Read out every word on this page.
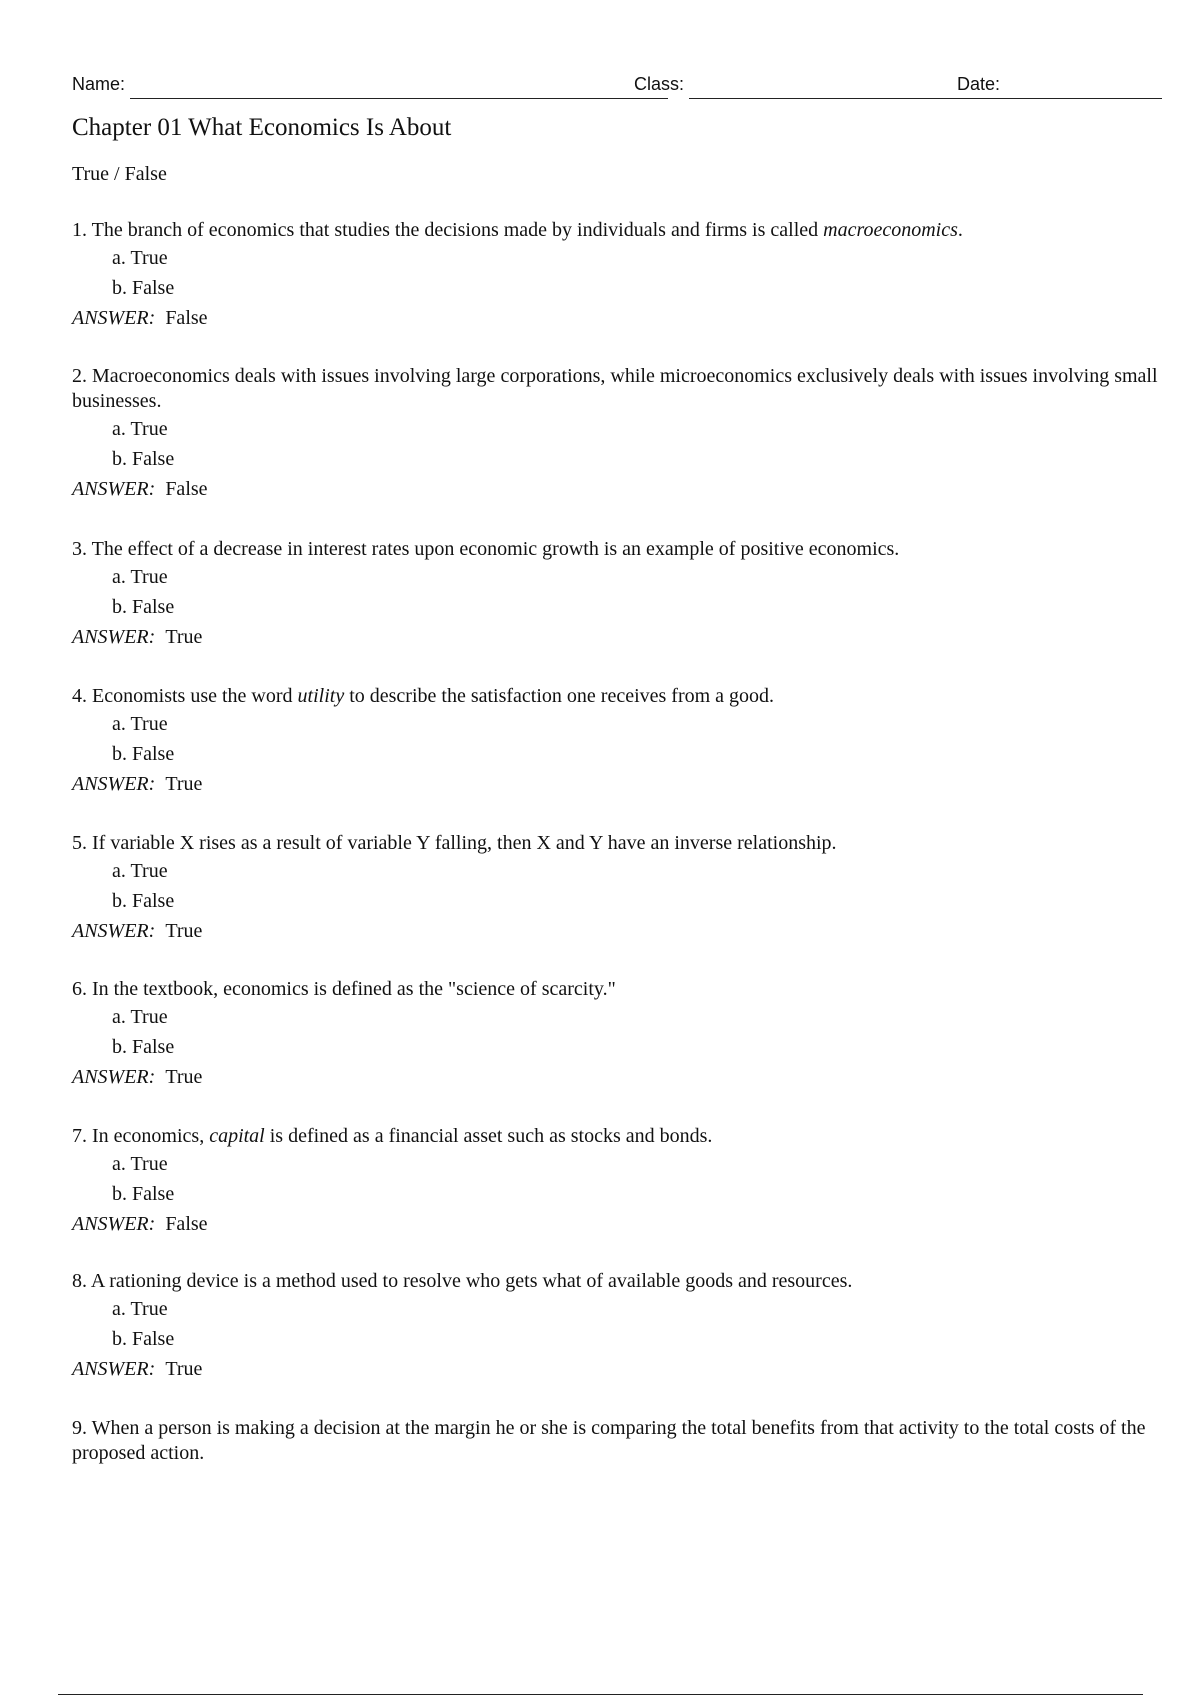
Name:	Class:	Date:
Chapter 01 What Economics Is About
True / False

1. The branch of economics that studies the decisions made by individuals and firms is called macroeconomics.

a. True
b. False
ANSWER: False

2. Macroeconomics deals with issues involving large corporations, while microeconomics exclusively deals with issues involving small businesses.

a. True
b. False
ANSWER: False

3. The effect of a decrease in interest rates upon economic growth is an example of positive economics.

a. True
b. False
ANSWER: True

4. Economists use the word utility to describe the satisfaction one receives from a good.

a. True
b. False
ANSWER: True

5. If variable X rises as a result of variable Y falling, then X and Y have an inverse relationship.

a. True
b. False
ANSWER: True

6. In the textbook, economics is defined as the "science of scarcity."

a. True
b. False
ANSWER: True

7. In economics, capital is defined as a financial asset such as stocks and bonds.

a. True
b. False
ANSWER: False

8. A rationing device is a method used to resolve who gets what of available goods and resources.

a. True
b. False
ANSWER: True

9. When a person is making a decision at the margin he or she is comparing the total benefits from that activity to the total costs of the proposed action.
